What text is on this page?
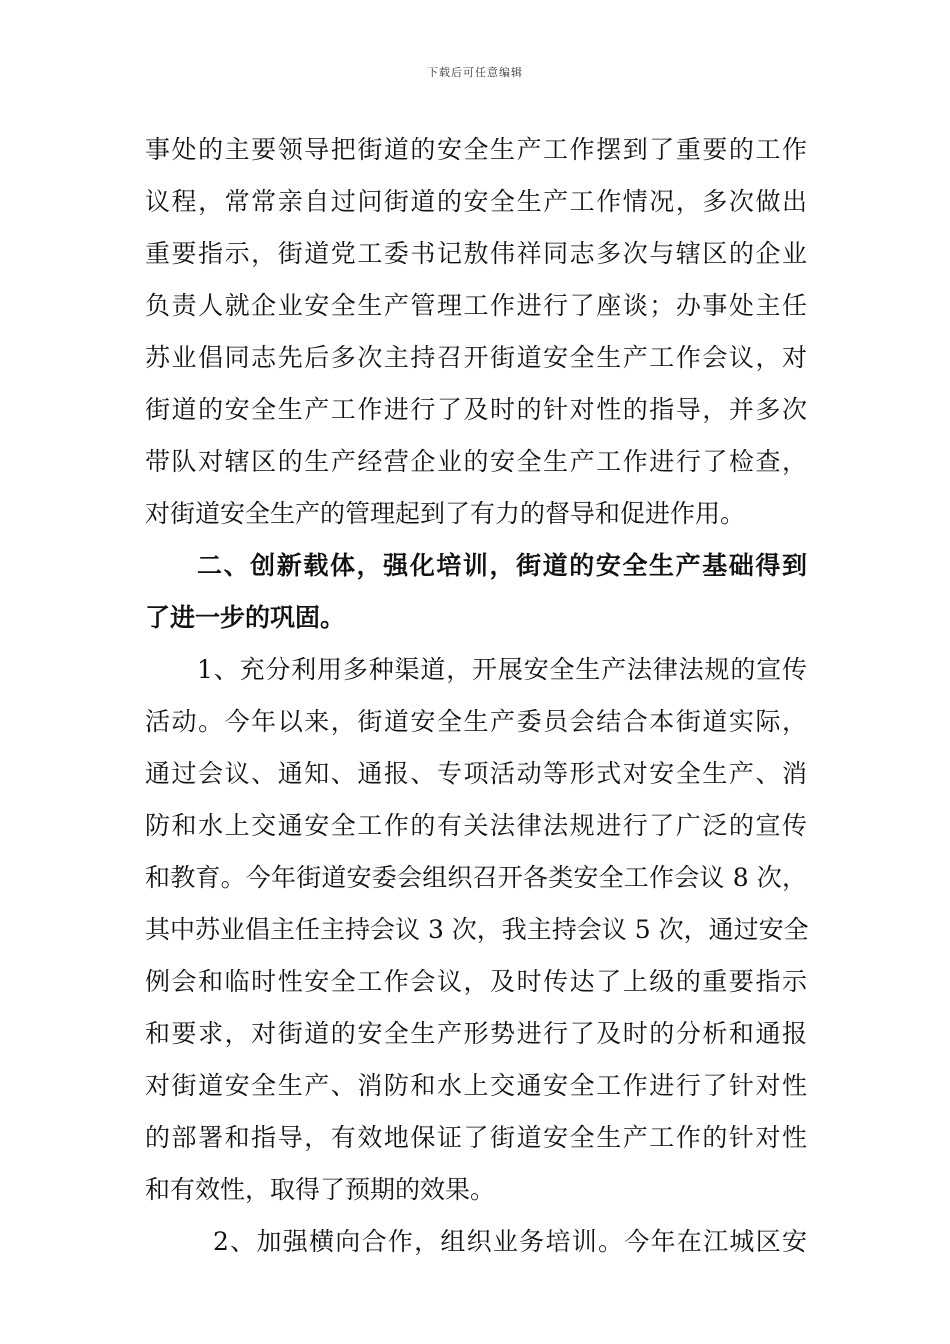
下载后可任意编辑
事处的主要领导把街道的安全生产工作摆到了重要的工作
议程，常常亲自过问街道的安全生产工作情况，多次做出
重要指示，街道党工委书记敖伟祥同志多次与辖区的企业
负责人就企业安全生产管理工作进行了座谈；办事处主任
苏业倡同志先后多次主持召开街道安全生产工作会议，对
街道的安全生产工作进行了及时的针对性的指导，并多次
带队对辖区的生产经营企业的安全生产工作进行了检查，
对街道安全生产的管理起到了有力的督导和促进作用。
二、创新载体，强化培训，街道的安全生产基础得到
了进一步的巩固。
1、充分利用多种渠道，开展安全生产法律法规的宣传
活动。今年以来，街道安全生产委员会结合本街道实际，
通过会议、通知、通报、专项活动等形式对安全生产、消
防和水上交通安全工作的有关法律法规进行了广泛的宣传
和教育。今年街道安委会组织召开各类安全工作会议 8 次，
其中苏业倡主任主持会议 3 次，我主持会议 5 次，通过安全
例会和临时性安全工作会议，及时传达了上级的重要指示
和要求，对街道的安全生产形势进行了及时的分析和通报
对街道安全生产、消防和水上交通安全工作进行了针对性
的部署和指导，有效地保证了街道安全生产工作的针对性
和有效性，取得了预期的效果。
2、加强横向合作，组织业务培训。今年在江城区安
